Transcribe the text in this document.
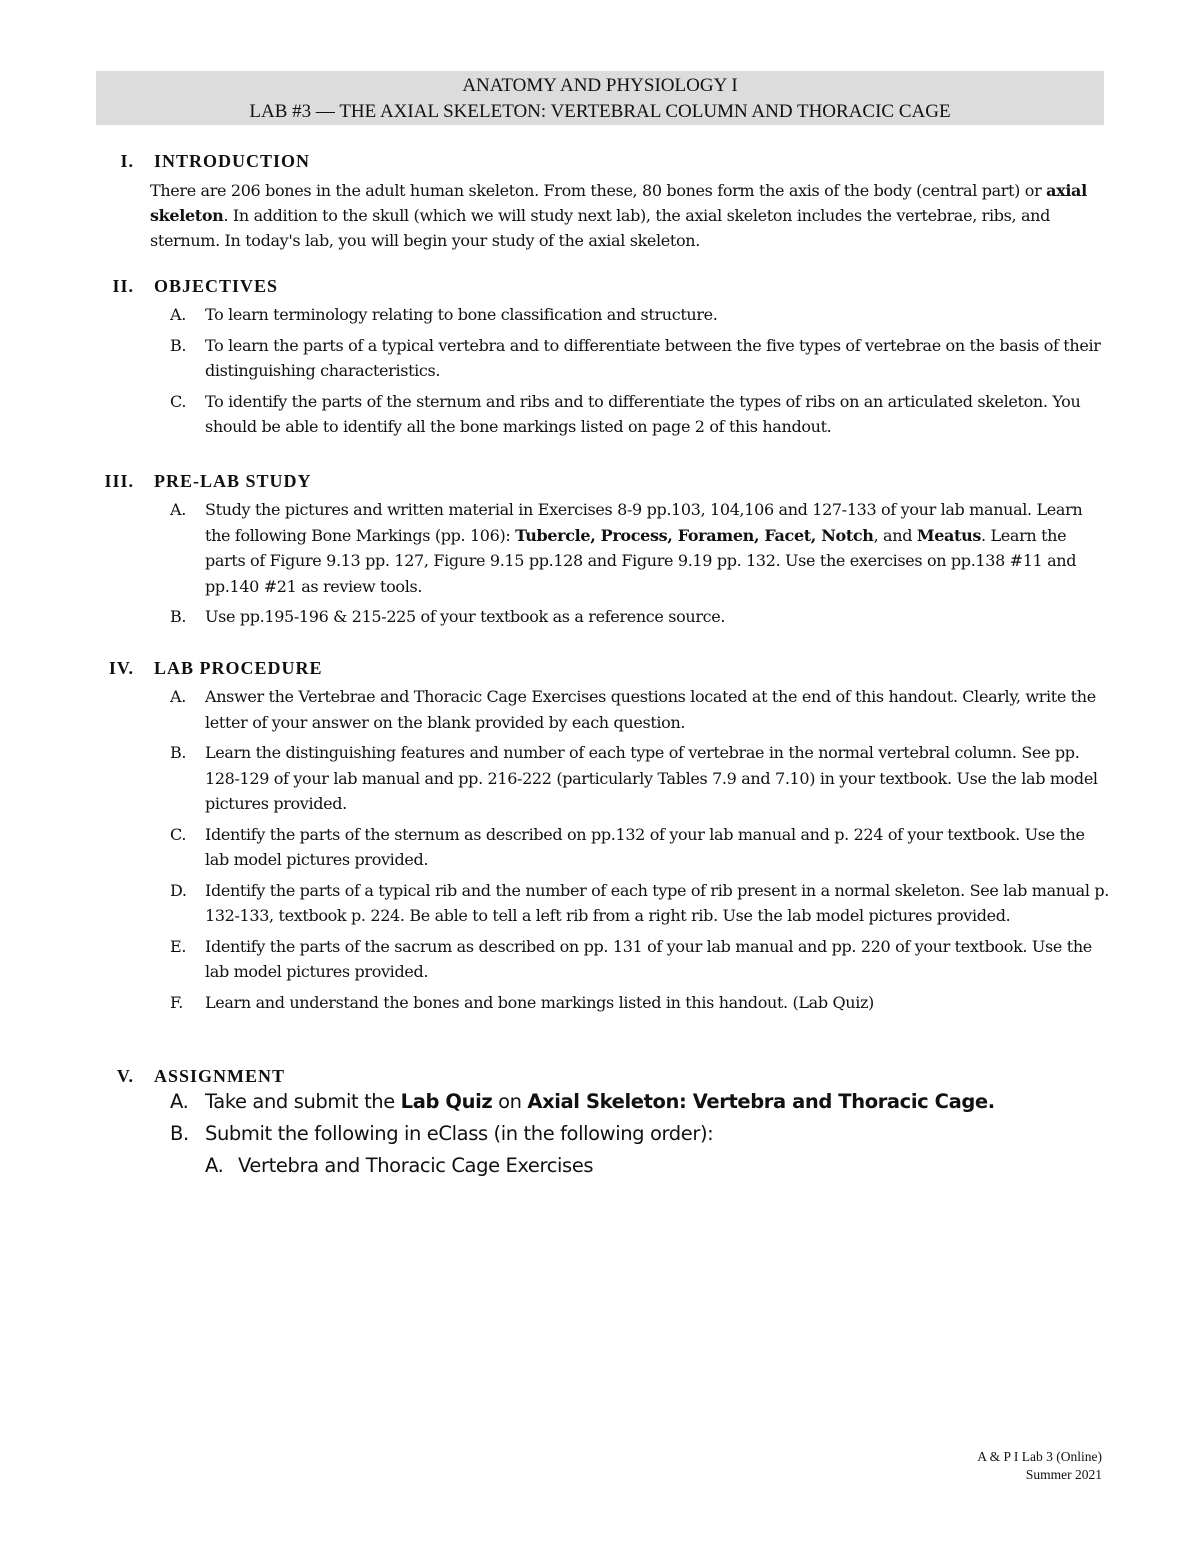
ANATOMY AND PHYSIOLOGY I
LAB #3 — THE AXIAL SKELETON: VERTEBRAL COLUMN AND THORACIC CAGE
I. INTRODUCTION
There are 206 bones in the adult human skeleton. From these, 80 bones form the axis of the body (central part) or axial skeleton. In addition to the skull (which we will study next lab), the axial skeleton includes the vertebrae, ribs, and sternum. In today's lab, you will begin your study of the axial skeleton.
II. OBJECTIVES
A. To learn terminology relating to bone classification and structure.
B. To learn the parts of a typical vertebra and to differentiate between the five types of vertebrae on the basis of their distinguishing characteristics.
C. To identify the parts of the sternum and ribs and to differentiate the types of ribs on an articulated skeleton. You should be able to identify all the bone markings listed on page 2 of this handout.
III. PRE-LAB STUDY
A. Study the pictures and written material in Exercises 8-9 pp.103, 104,106 and 127-133 of your lab manual. Learn the following Bone Markings (pp. 106): Tubercle, Process, Foramen, Facet, Notch, and Meatus. Learn the parts of Figure 9.13 pp. 127, Figure 9.15 pp.128 and Figure 9.19 pp. 132. Use the exercises on pp.138 #11 and pp.140 #21 as review tools.
B. Use pp.195-196 & 215-225 of your textbook as a reference source.
IV. LAB PROCEDURE
A. Answer the Vertebrae and Thoracic Cage Exercises questions located at the end of this handout. Clearly, write the letter of your answer on the blank provided by each question.
B. Learn the distinguishing features and number of each type of vertebrae in the normal vertebral column. See pp. 128-129 of your lab manual and pp. 216-222 (particularly Tables 7.9 and 7.10) in your textbook. Use the lab model pictures provided.
C. Identify the parts of the sternum as described on pp.132 of your lab manual and p. 224 of your textbook. Use the lab model pictures provided.
D. Identify the parts of a typical rib and the number of each type of rib present in a normal skeleton. See lab manual p. 132-133, textbook p. 224. Be able to tell a left rib from a right rib. Use the lab model pictures provided.
E. Identify the parts of the sacrum as described on pp. 131 of your lab manual and pp. 220 of your textbook. Use the lab model pictures provided.
F. Learn and understand the bones and bone markings listed in this handout. (Lab Quiz)
V. ASSIGNMENT
A. Take and submit the Lab Quiz on Axial Skeleton: Vertebra and Thoracic Cage.
B. Submit the following in eClass (in the following order):
A. Vertebra and Thoracic Cage Exercises
A & P I Lab 3 (Online)
Summer 2021
